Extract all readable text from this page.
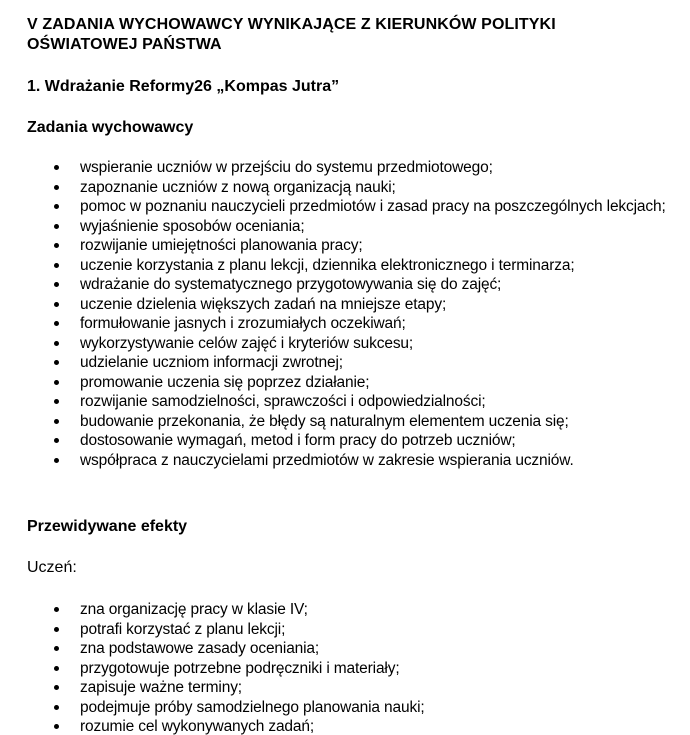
V ZADANIA WYCHOWAWCY WYNIKAJĄCE Z KIERUNKÓW POLITYKI OŚWIATOWEJ PAŃSTWA
1. Wdrażanie Reformy26 „Kompas Jutra”
Zadania wychowawcy
wspieranie uczniów w przejściu do systemu przedmiotowego;
zapoznanie uczniów z nową organizacją nauki;
pomoc w poznaniu nauczycieli przedmiotów i zasad pracy na poszczególnych lekcjach;
wyjaśnienie sposobów oceniania;
rozwijanie umiejętności planowania pracy;
uczenie korzystania z planu lekcji, dziennika elektronicznego i terminarza;
wdrażanie do systematycznego przygotowywania się do zajęć;
uczenie dzielenia większych zadań na mniejsze etapy;
formułowanie jasnych i zrozumiałych oczekiwań;
wykorzystywanie celów zajęć i kryteriów sukcesu;
udzielanie uczniom informacji zwrotnej;
promowanie uczenia się poprzez działanie;
rozwijanie samodzielności, sprawczości i odpowiedzialności;
budowanie przekonania, że błędy są naturalnym elementem uczenia się;
dostosowanie wymagań, metod i form pracy do potrzeb uczniów;
współpraca z nauczycielami przedmiotów w zakresie wspierania uczniów.
Przewidywane efekty

Uczeń:

zna organizację pracy w klasie IV;
potrafi korzystać z planu lekcji;
zna podstawowe zasady oceniania;
przygotowuje potrzebne podręczniki i materiały;
zapisuje ważne terminy;
podejmuje próby samodzielnego planowania nauki;
rozumie cel wykonywanych zadań;
